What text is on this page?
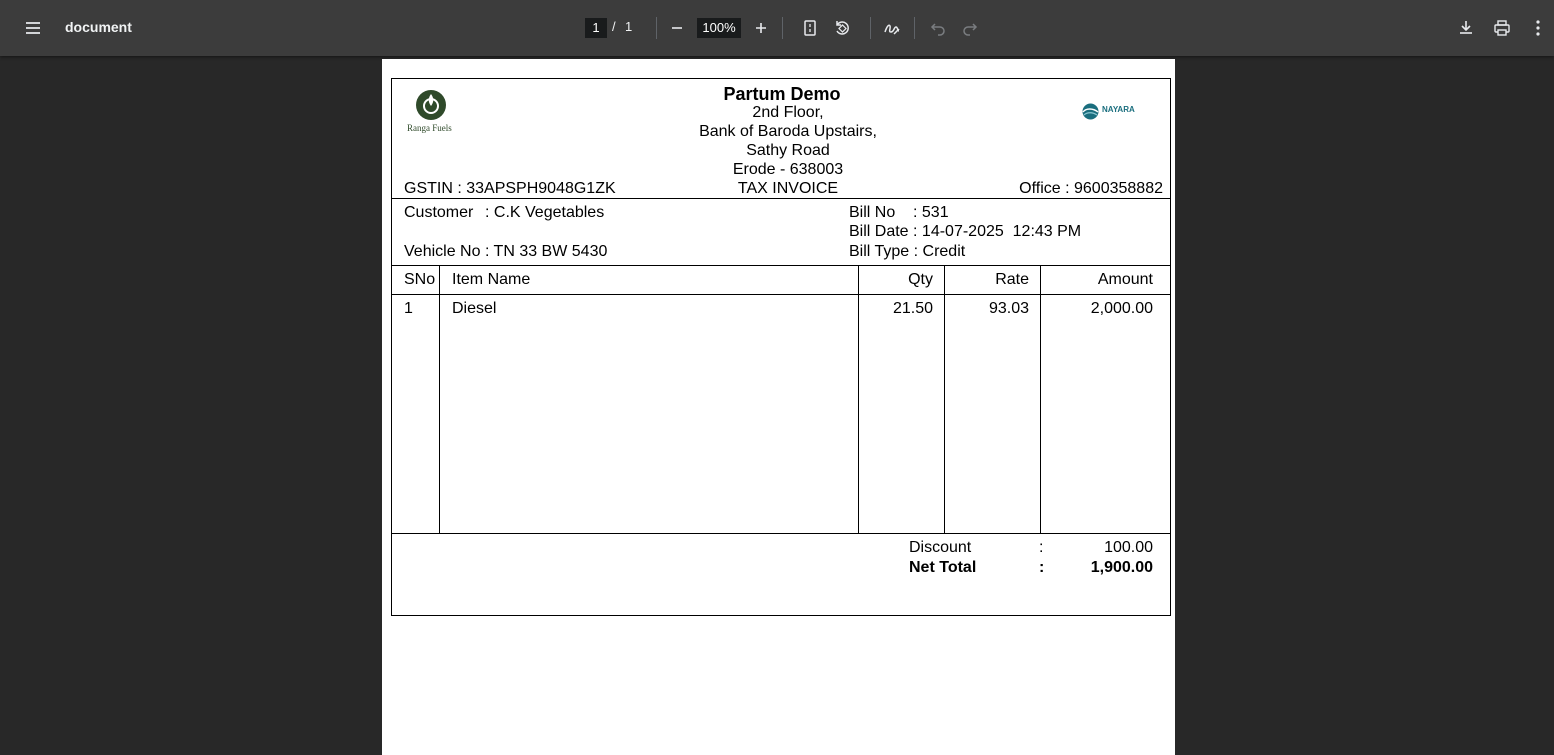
document	1 / 1	100%
Ranga Fuels
NAYARA
Partum Demo
2nd Floor,
Bank of Baroda Upstairs,
Sathy Road
Erode - 638003
GSTIN : 33APSPH9048G1ZK	TAX INVOICE	Office : 9600358882
Customer : C.K Vegetables
Vehicle No : TN 33 BW 5430
Bill No    : 531
Bill Date : 14-07-2025  12:43 PM
Bill Type : Credit
SNo Item Name	Qty	Rate	Amount
1 Diesel	21.50	93.03	2,000.00
Discount	:	100.00
Net Total	:	1,900.00
